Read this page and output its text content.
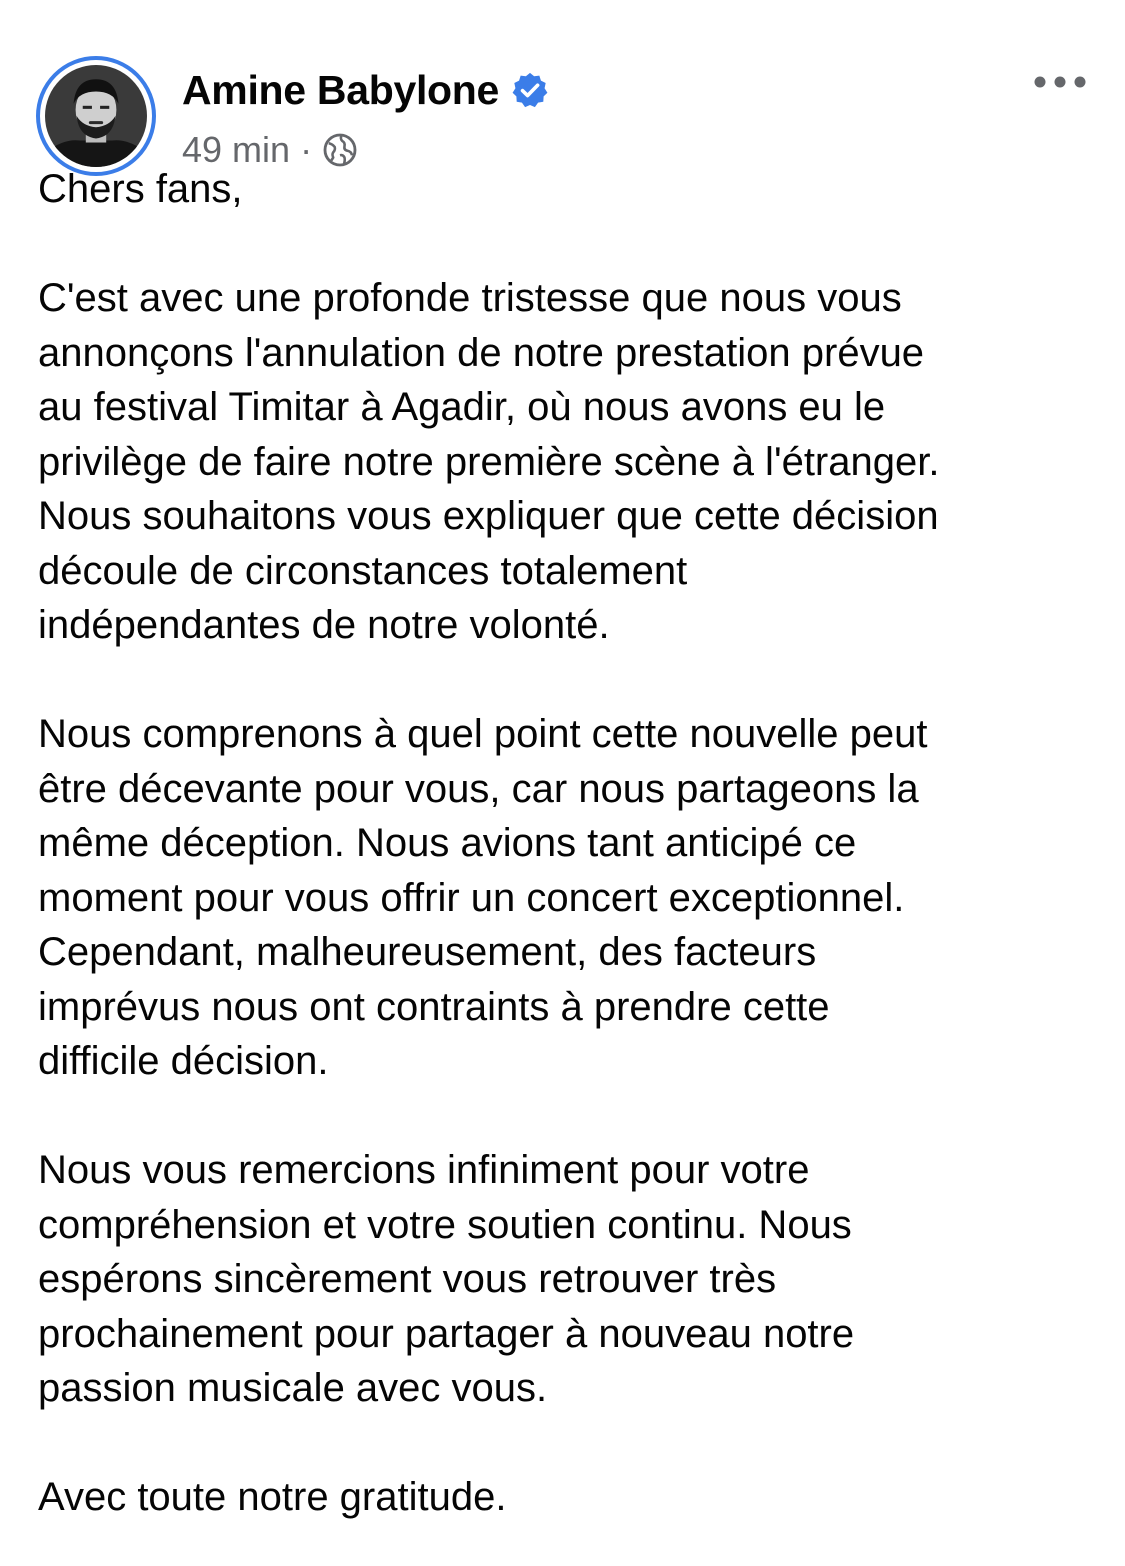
Amine Babylone
49 min ·
Chers fans,
C'est avec une profonde tristesse que nous vous
annonçons l'annulation de notre prestation prévue
au festival Timitar à Agadir, où nous avons eu le
privilège de faire notre première scène à l'étranger.
Nous souhaitons vous expliquer que cette décision
découle de circonstances totalement
indépendantes de notre volonté.
Nous comprenons à quel point cette nouvelle peut
être décevante pour vous, car nous partageons la
même déception. Nous avions tant anticipé ce
moment pour vous offrir un concert exceptionnel.
Cependant, malheureusement, des facteurs
imprévus nous ont contraints à prendre cette
difficile décision.
Nous vous remercions infiniment pour votre
compréhension et votre soutien continu. Nous
espérons sincèrement vous retrouver très
prochainement pour partager à nouveau notre
passion musicale avec vous.
Avec toute notre gratitude.
